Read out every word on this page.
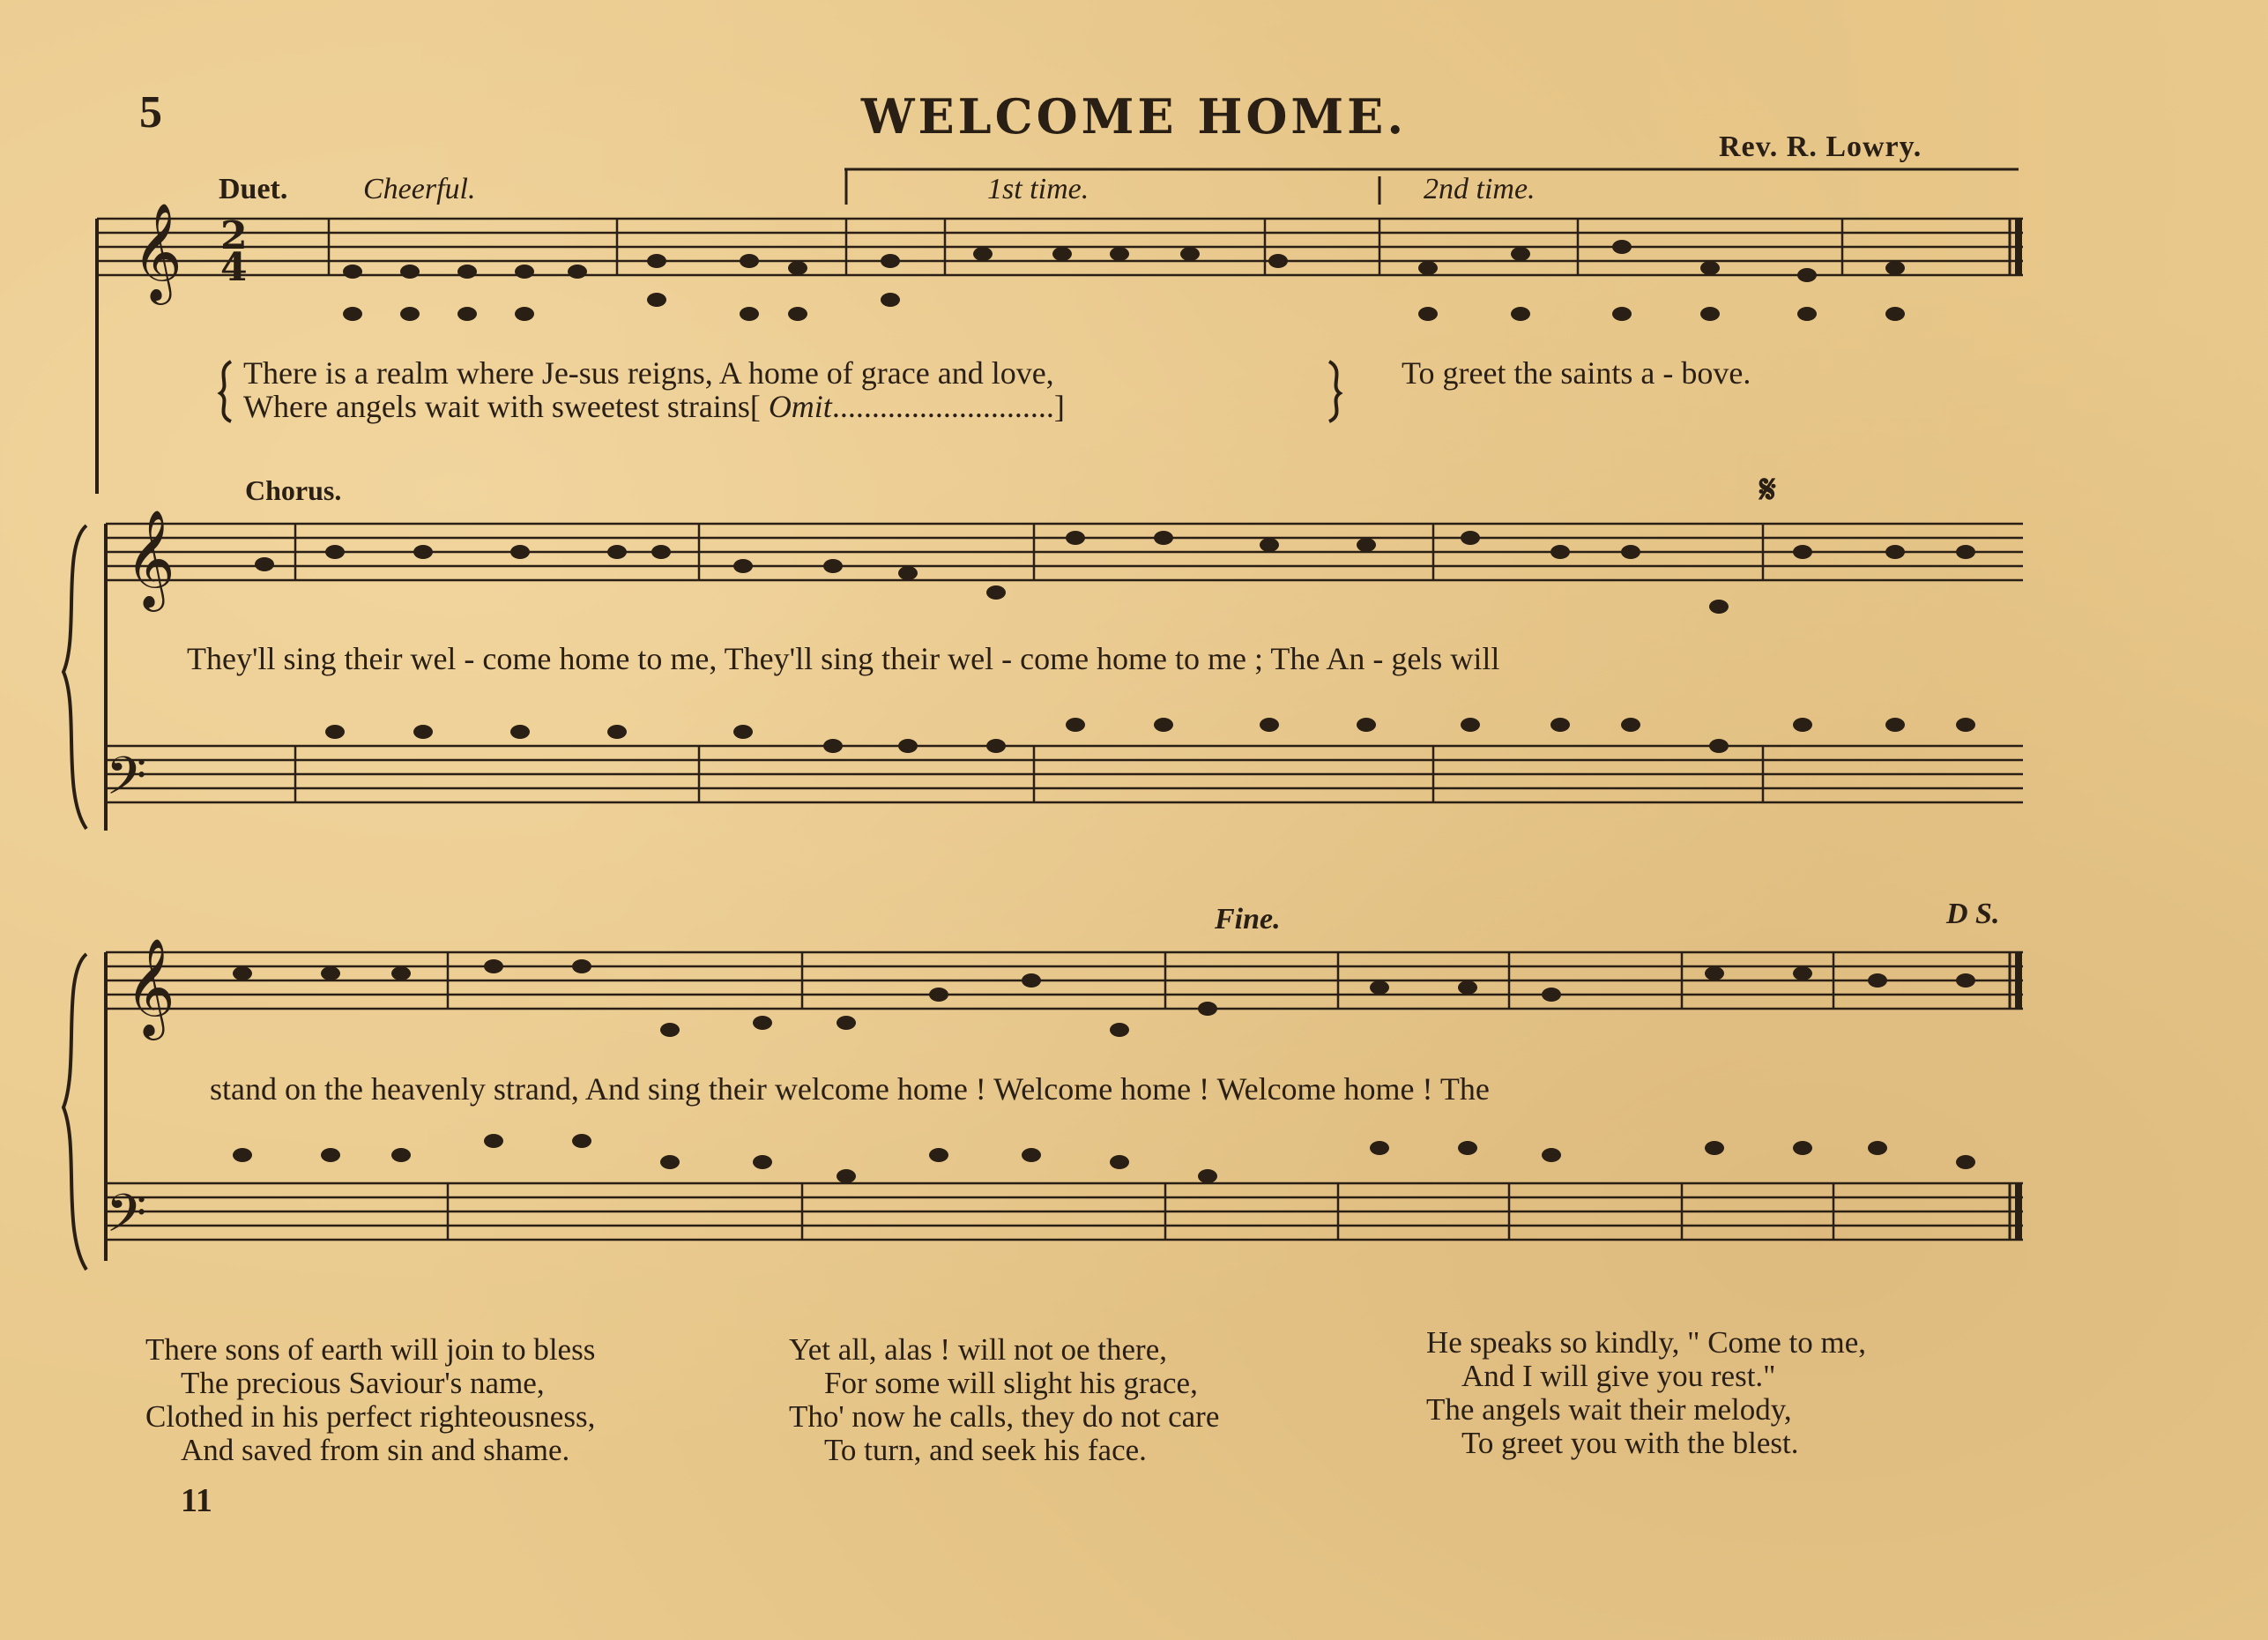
5	WELCOME HOME.
Rev. R. Lowry.
Duet.	Cheerful.	1st time.	2nd time.
Chorus.	𝄋
Fine.	D S.
𝄞 2
4
𝄞
𝄢
𝄞
𝄢
There is a realm where Je-sus reigns, A home of grace and love,
Where angels wait with sweetest strains[ Omit............................]
To greet the saints a - bove.
They'll sing their wel - come home to me, They'll sing their wel - come home to me ; The An - gels will
stand on the heavenly strand, And sing their welcome home ! Welcome home ! Welcome home ! The
There sons of earth will join to bless
The precious Saviour's name,
Clothed in his perfect righteousness,
And saved from sin and shame.
Yet all, alas ! will not oe there,
For some will slight his grace,
Tho' now he calls, they do not care
To turn, and seek his face.
He speaks so kindly, " Come to me,
And I will give you rest."
The angels wait their melody,
To greet you with the blest.
11
